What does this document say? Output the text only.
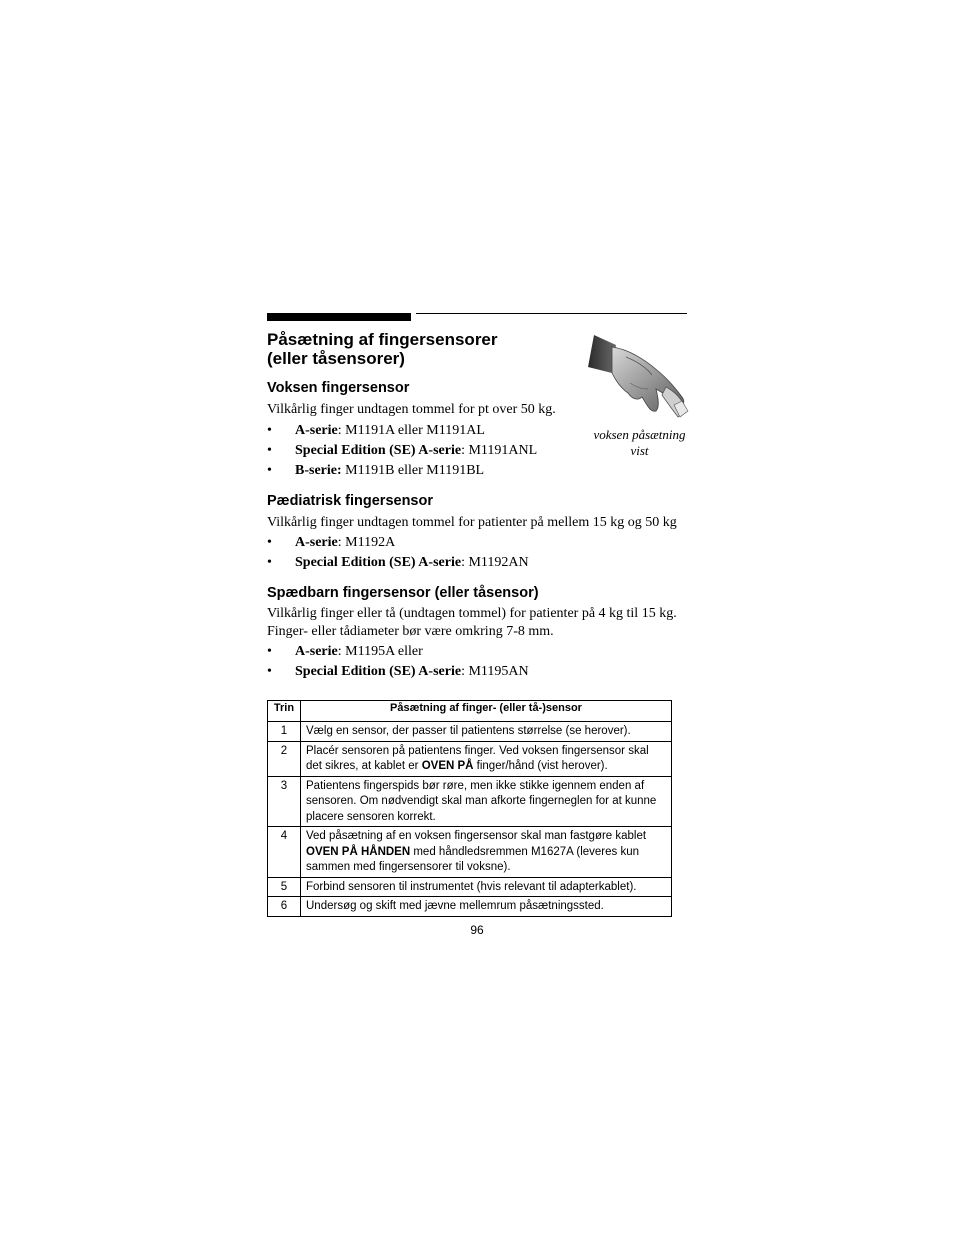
Påsætning af fingersensorer
(eller tåsensorer)
voksen påsætning
vist
Voksen fingersensor
Vilkårlig finger undtagen tommel for pt over 50 kg.
• A-serie: M1191A eller M1191AL
• Special Edition (SE) A-serie: M1191ANL
• B-serie: M1191B eller M1191BL
Pædiatrisk fingersensor
Vilkårlig finger undtagen tommel for patienter på mellem 15 kg og 50 kg
• A-serie: M1192A
• Special Edition (SE) A-serie: M1192AN
Spædbarn fingersensor (eller tåsensor)
Vilkårlig finger eller tå (undtagen tommel) for patienter på 4 kg til 15 kg.
Finger- eller tådiameter bør være omkring 7-8 mm.
• A-serie: M1195A eller
• Special Edition (SE) A-serie: M1195AN
Trin	Påsætning af finger- (eller tå-)sensor
1	Vælg en sensor, der passer til patientens størrelse (se herover).
2	Placér sensoren på patientens finger. Ved voksen fingersensor skal det sikres, at kablet er OVEN PÅ finger/hånd (vist herover).
3	Patientens fingerspids bør røre, men ikke stikke igennem enden af sensoren. Om nødvendigt skal man afkorte fingerneglen for at kunne placere sensoren korrekt.
4	Ved påsætning af en voksen fingersensor skal man fastgøre kablet OVEN PÅ HÅNDEN med håndledsremmen M1627A (leveres kun sammen med fingersensorer til voksne).
5	Forbind sensoren til instrumentet (hvis relevant til adapterkablet).
6	Undersøg og skift med jævne mellemrum påsætningssted.
96
